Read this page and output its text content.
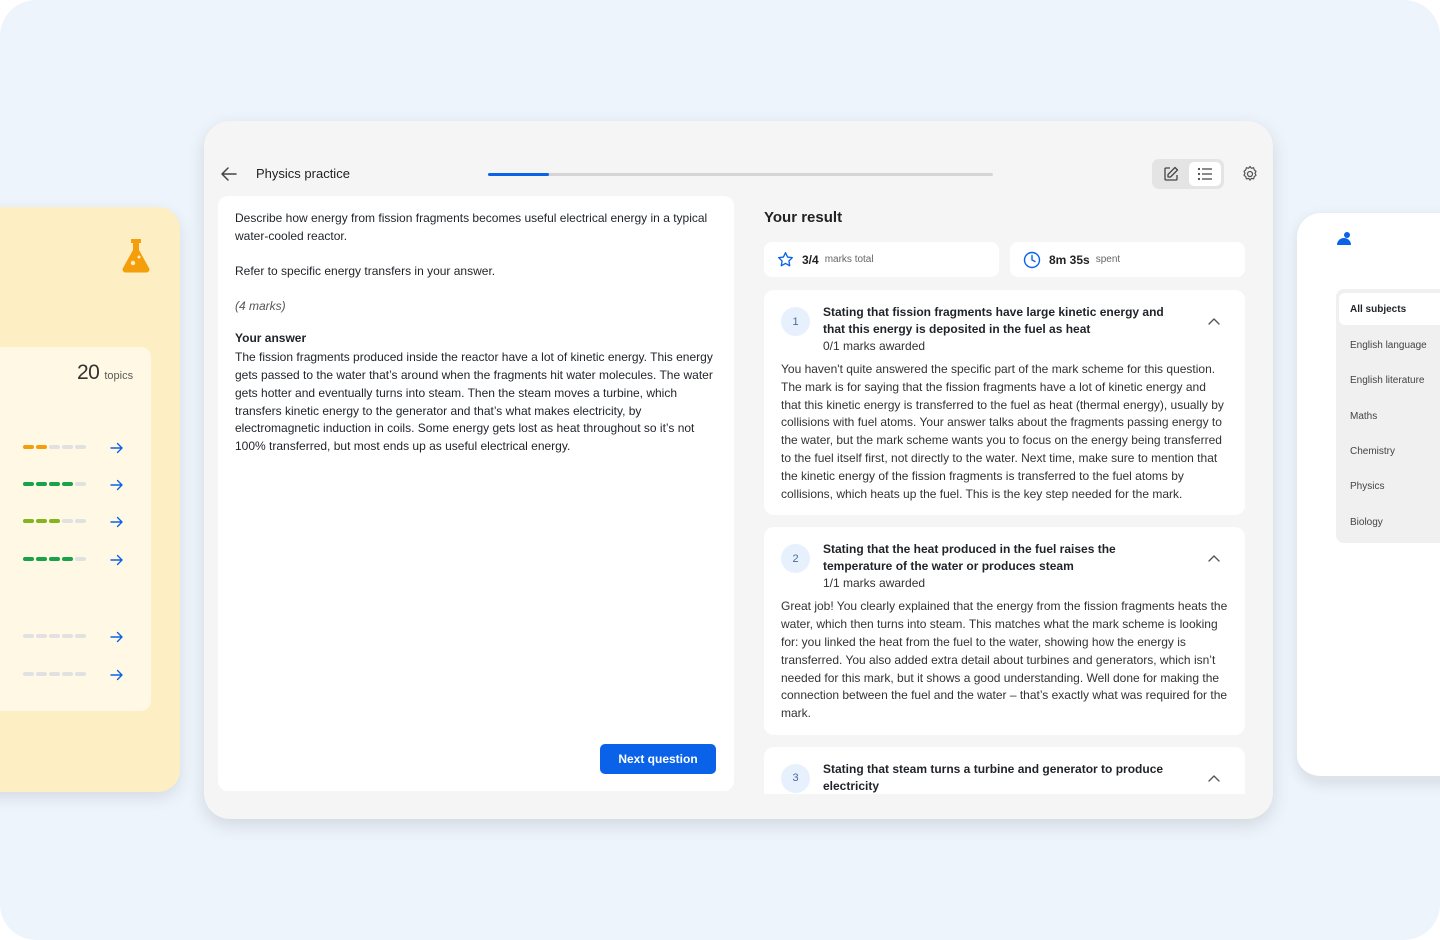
20 topics
All subjects
English language
English literature
Maths
Chemistry
Physics
Biology
Physics practice
Describe how energy from fission fragments becomes useful electrical energy in a typical water-cooled reactor.
Refer to specific energy transfers in your answer.
(4 marks)
Your answer
The fission fragments produced inside the reactor have a lot of kinetic energy. This energy gets passed to the water that’s around when the fragments hit water molecules. The water gets hotter and eventually turns into steam. Then the steam moves a turbine, which transfers kinetic energy to the generator and that’s what makes electricity, by electromagnetic induction in coils. Some energy gets lost as heat throughout so it’s not 100% transferred, but most ends up as useful electrical energy.
Next question
Your result
3/4 marks total	8m 35s spent
1
Stating that fission fragments have large kinetic energy and that this energy is deposited in the fuel as heat
0/1 marks awarded
You haven't quite answered the specific part of the mark scheme for this question. The mark is for saying that the fission fragments have a lot of kinetic energy and that this kinetic energy is transferred to the fuel as heat (thermal energy), usually by collisions with fuel atoms. Your answer talks about the fragments passing energy to the water, but the mark scheme wants you to focus on the energy being transferred to the fuel itself first, not directly to the water. Next time, make sure to mention that the kinetic energy of the fission fragments is transferred to the fuel atoms by collisions, which heats up the fuel. This is the key step needed for the mark.
2
Stating that the heat produced in the fuel raises the temperature of the water or produces steam
1/1 marks awarded
Great job! You clearly explained that the energy from the fission fragments heats the water, which then turns into steam. This matches what the mark scheme is looking for: you linked the heat from the fuel to the water, showing how the energy is transferred. You also added extra detail about turbines and generators, which isn’t needed for this mark, but it shows a good understanding. Well done for making the connection between the fuel and the water – that’s exactly what was required for the mark.
3
Stating that steam turns a turbine and generator to produce electricity
